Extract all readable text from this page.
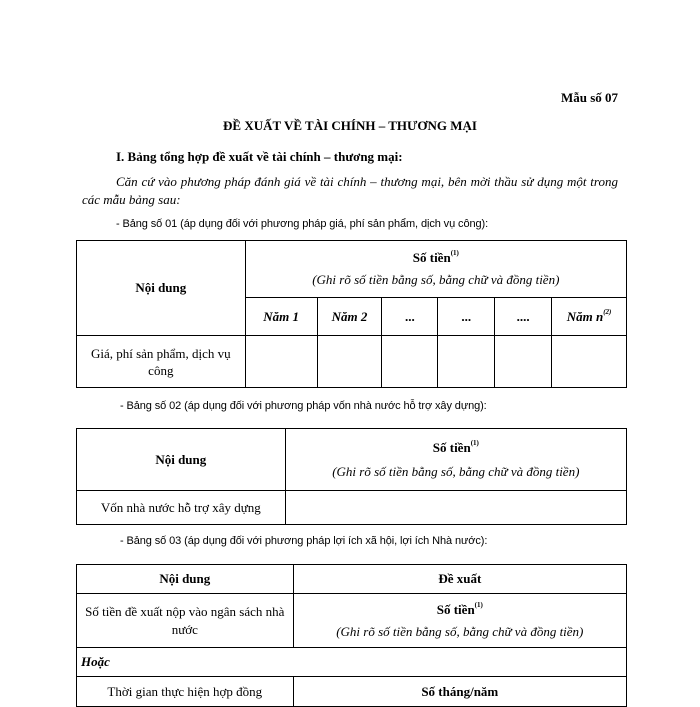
Mẫu số 07
ĐỀ XUẤT VỀ TÀI CHÍNH – THƯƠNG MẠI
I. Bảng tổng hợp đề xuất về tài chính – thương mại:
Căn cứ vào phương pháp đánh giá về tài chính – thương mại, bên mời thầu sử dụng một trong các mẫu bảng sau:
- Bảng số 01 (áp dụng đối với phương pháp giá, phí sản phẩm, dịch vụ công):
Nội dung	Số tiền$^{(1)}$
(Ghi rõ số tiền bằng số, bằng chữ và đồng tiền)					

	Năm 1	Năm 2	...	...	....	Năm $n^{(2)}$
Giá, phí sản phẩm, dịch vụ công						
- Bảng số 02 (áp dụng đối với phương pháp vốn nhà nước hỗ trợ xây dựng):
Nội dung	Số tiền$^{(1)}$
(Ghi rõ số tiền bằng số, bằng chữ và đồng tiền)

Vốn nhà nước hỗ trợ xây dựng	
- Bảng số 03 (áp dụng đối với phương pháp lợi ích xã hội, lợi ích Nhà nước):
Nội dung	Đề xuất
Số tiền đề xuất nộp vào ngân sách nhà nước	Số tiền$^{(1)}$
(Ghi rõ số tiền bằng số, bằng chữ và đồng tiền)

Hoặc	
Thời gian thực hiện hợp đồng	Số tháng/năm
